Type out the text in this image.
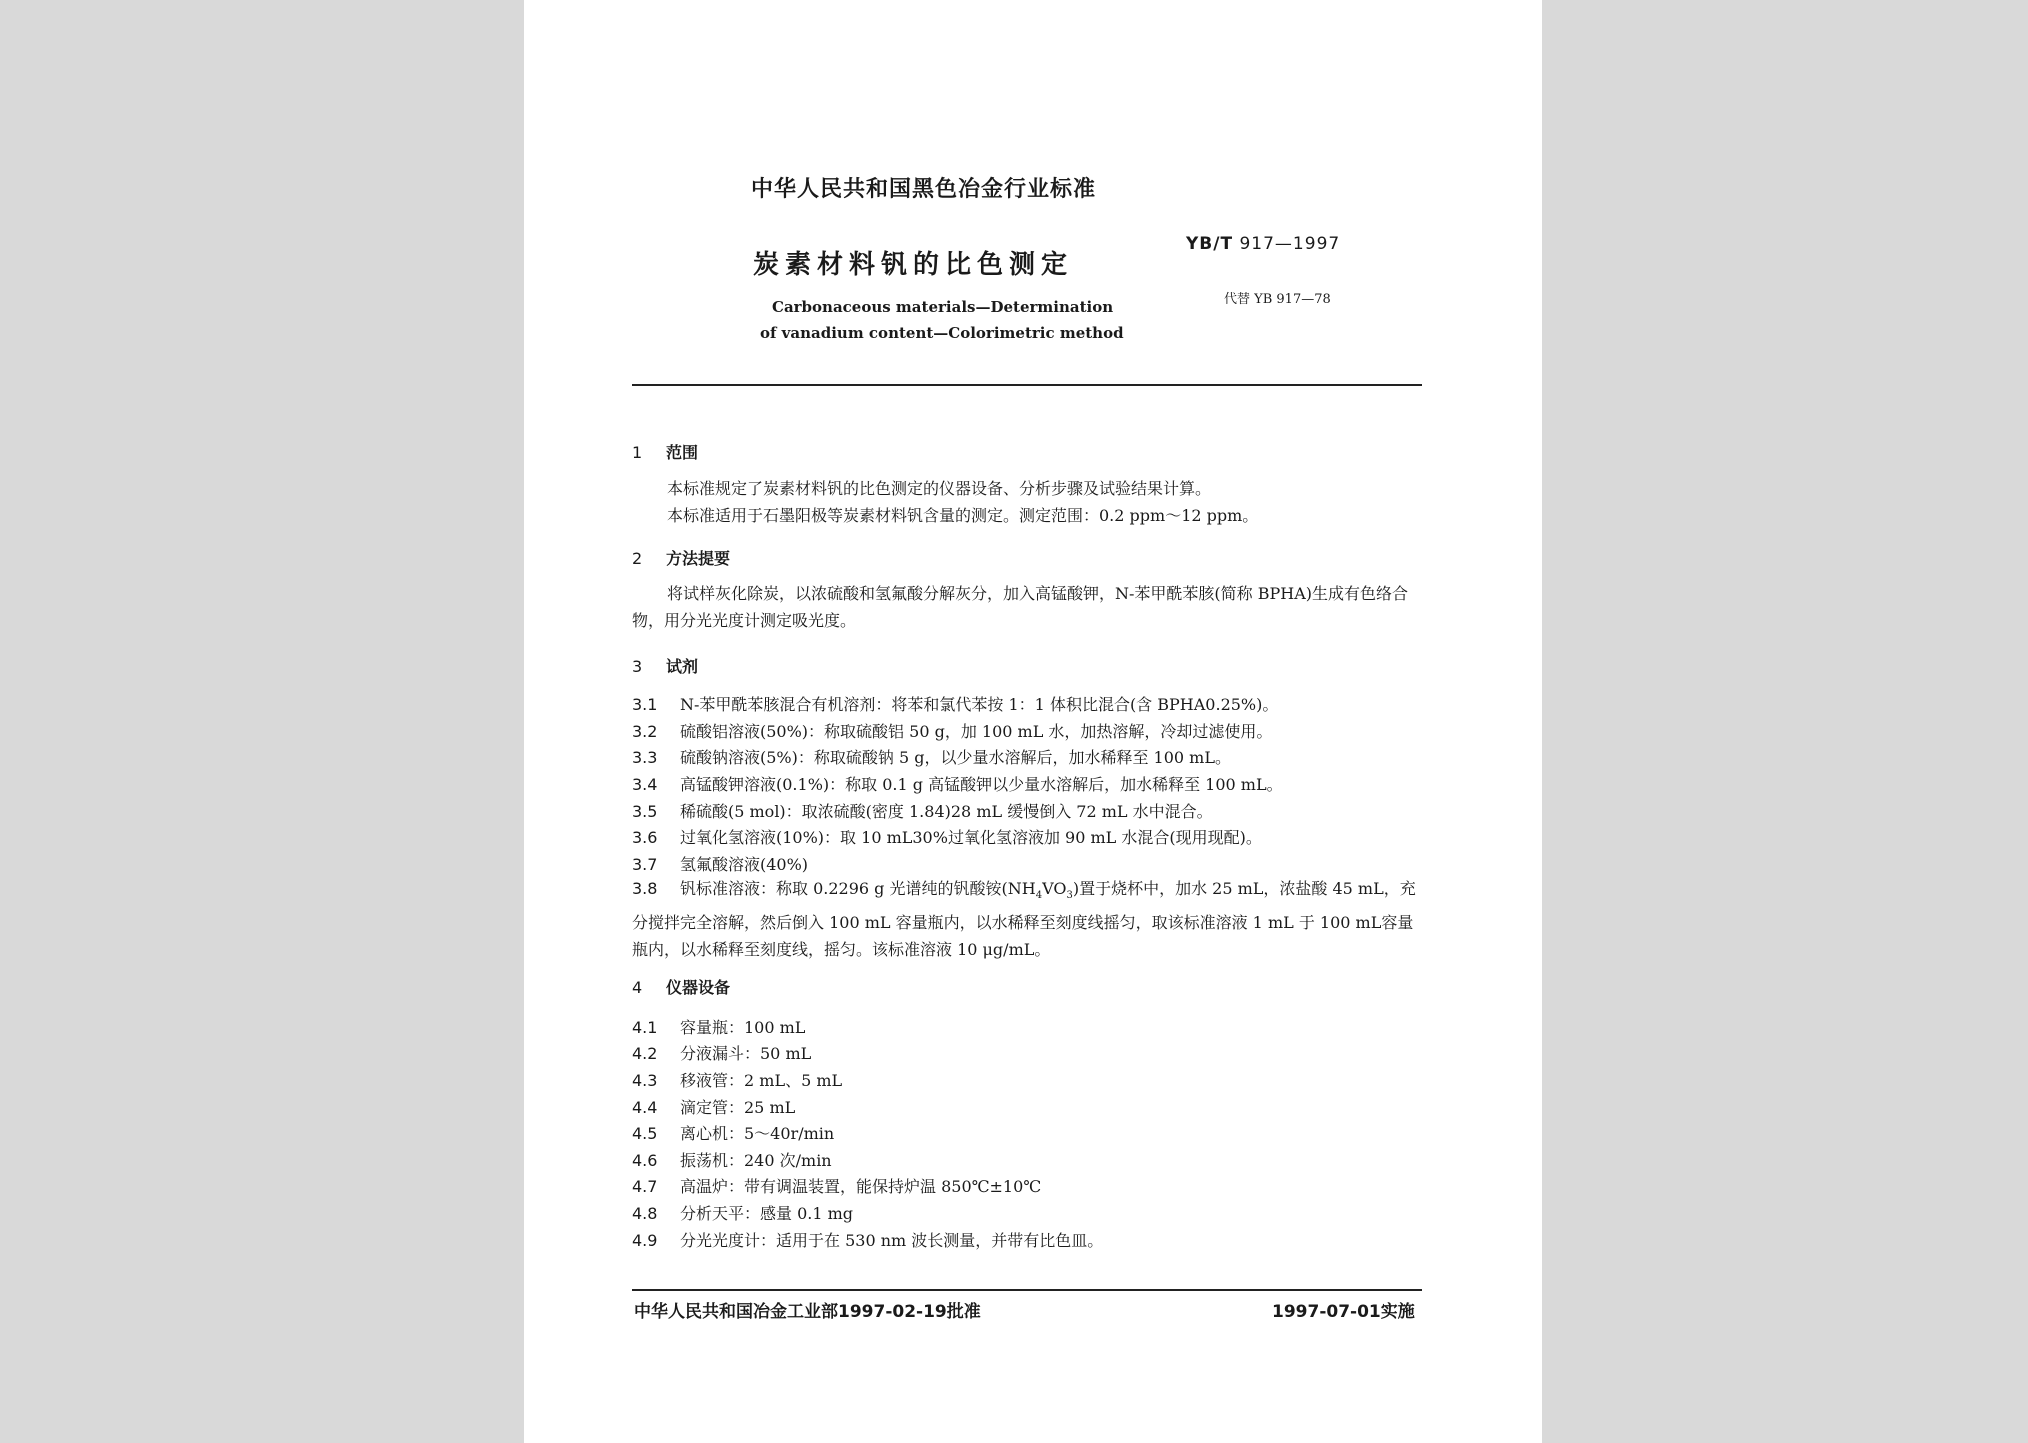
中华人民共和国黑色冶金行业标准
YB/T 917—1997
炭素材料钒的比色测定
代替 YB 917—78
Carbonaceous materials—Determination
of vanadium content—Colorimetric method
1 范围
本标准规定了炭素材料钒的比色测定的仪器设备、分析步骤及试验结果计算。
本标准适用于石墨阳极等炭素材料钒含量的测定。测定范围：0.2 ppm～12 ppm。
2 方法提要
将试样灰化除炭，以浓硫酸和氢氟酸分解灰分，加入高锰酸钾，N-苯甲酰苯胲(简称 BPHA)生成有色络合物，用分光光度计测定吸光度。
3 试剂
3.1 N-苯甲酰苯胲混合有机溶剂：将苯和氯代苯按 1：1 体积比混合(含 BPHA0.25%)。
3.2 硫酸铝溶液(50%)：称取硫酸铝 50 g，加 100 mL 水，加热溶解，冷却过滤使用。
3.3 硫酸钠溶液(5%)：称取硫酸钠 5 g，以少量水溶解后，加水稀释至 100 mL。
3.4 高锰酸钾溶液(0.1%)：称取 0.1 g 高锰酸钾以少量水溶解后，加水稀释至 100 mL。
3.5 稀硫酸(5 mol)：取浓硫酸(密度 1.84)28 mL 缓慢倒入 72 mL 水中混合。
3.6 过氧化氢溶液(10%)：取 10 mL30%过氧化氢溶液加 90 mL 水混合(现用现配)。
3.7 氢氟酸溶液(40%)
3.8 钒标准溶液：称取 0.2296 g 光谱纯的钒酸铵$(NH_4VO_3)$置于烧杯中，加水 25 mL，浓盐酸 45 mL，充分搅拌完全溶解，然后倒入 100 mL 容量瓶内，以水稀释至刻度线摇匀，取该标准溶液 1 mL 于 100 mL容量瓶内，以水稀释至刻度线，摇匀。该标准溶液 10 μg/mL。
4 仪器设备
4.1 容量瓶：100 mL
4.2 分液漏斗：50 mL
4.3 移液管：2 mL、5 mL
4.4 滴定管：25 mL
4.5 离心机：5～40r/min
4.6 振荡机：240 次/min
4.7 高温炉：带有调温装置，能保持炉温 850℃±10℃
4.8 分析天平：感量 0.1 mg
4.9 分光光度计：适用于在 530 nm 波长测量，并带有比色皿。
中华人民共和国冶金工业部1997-02-19批准	1997-07-01实施
